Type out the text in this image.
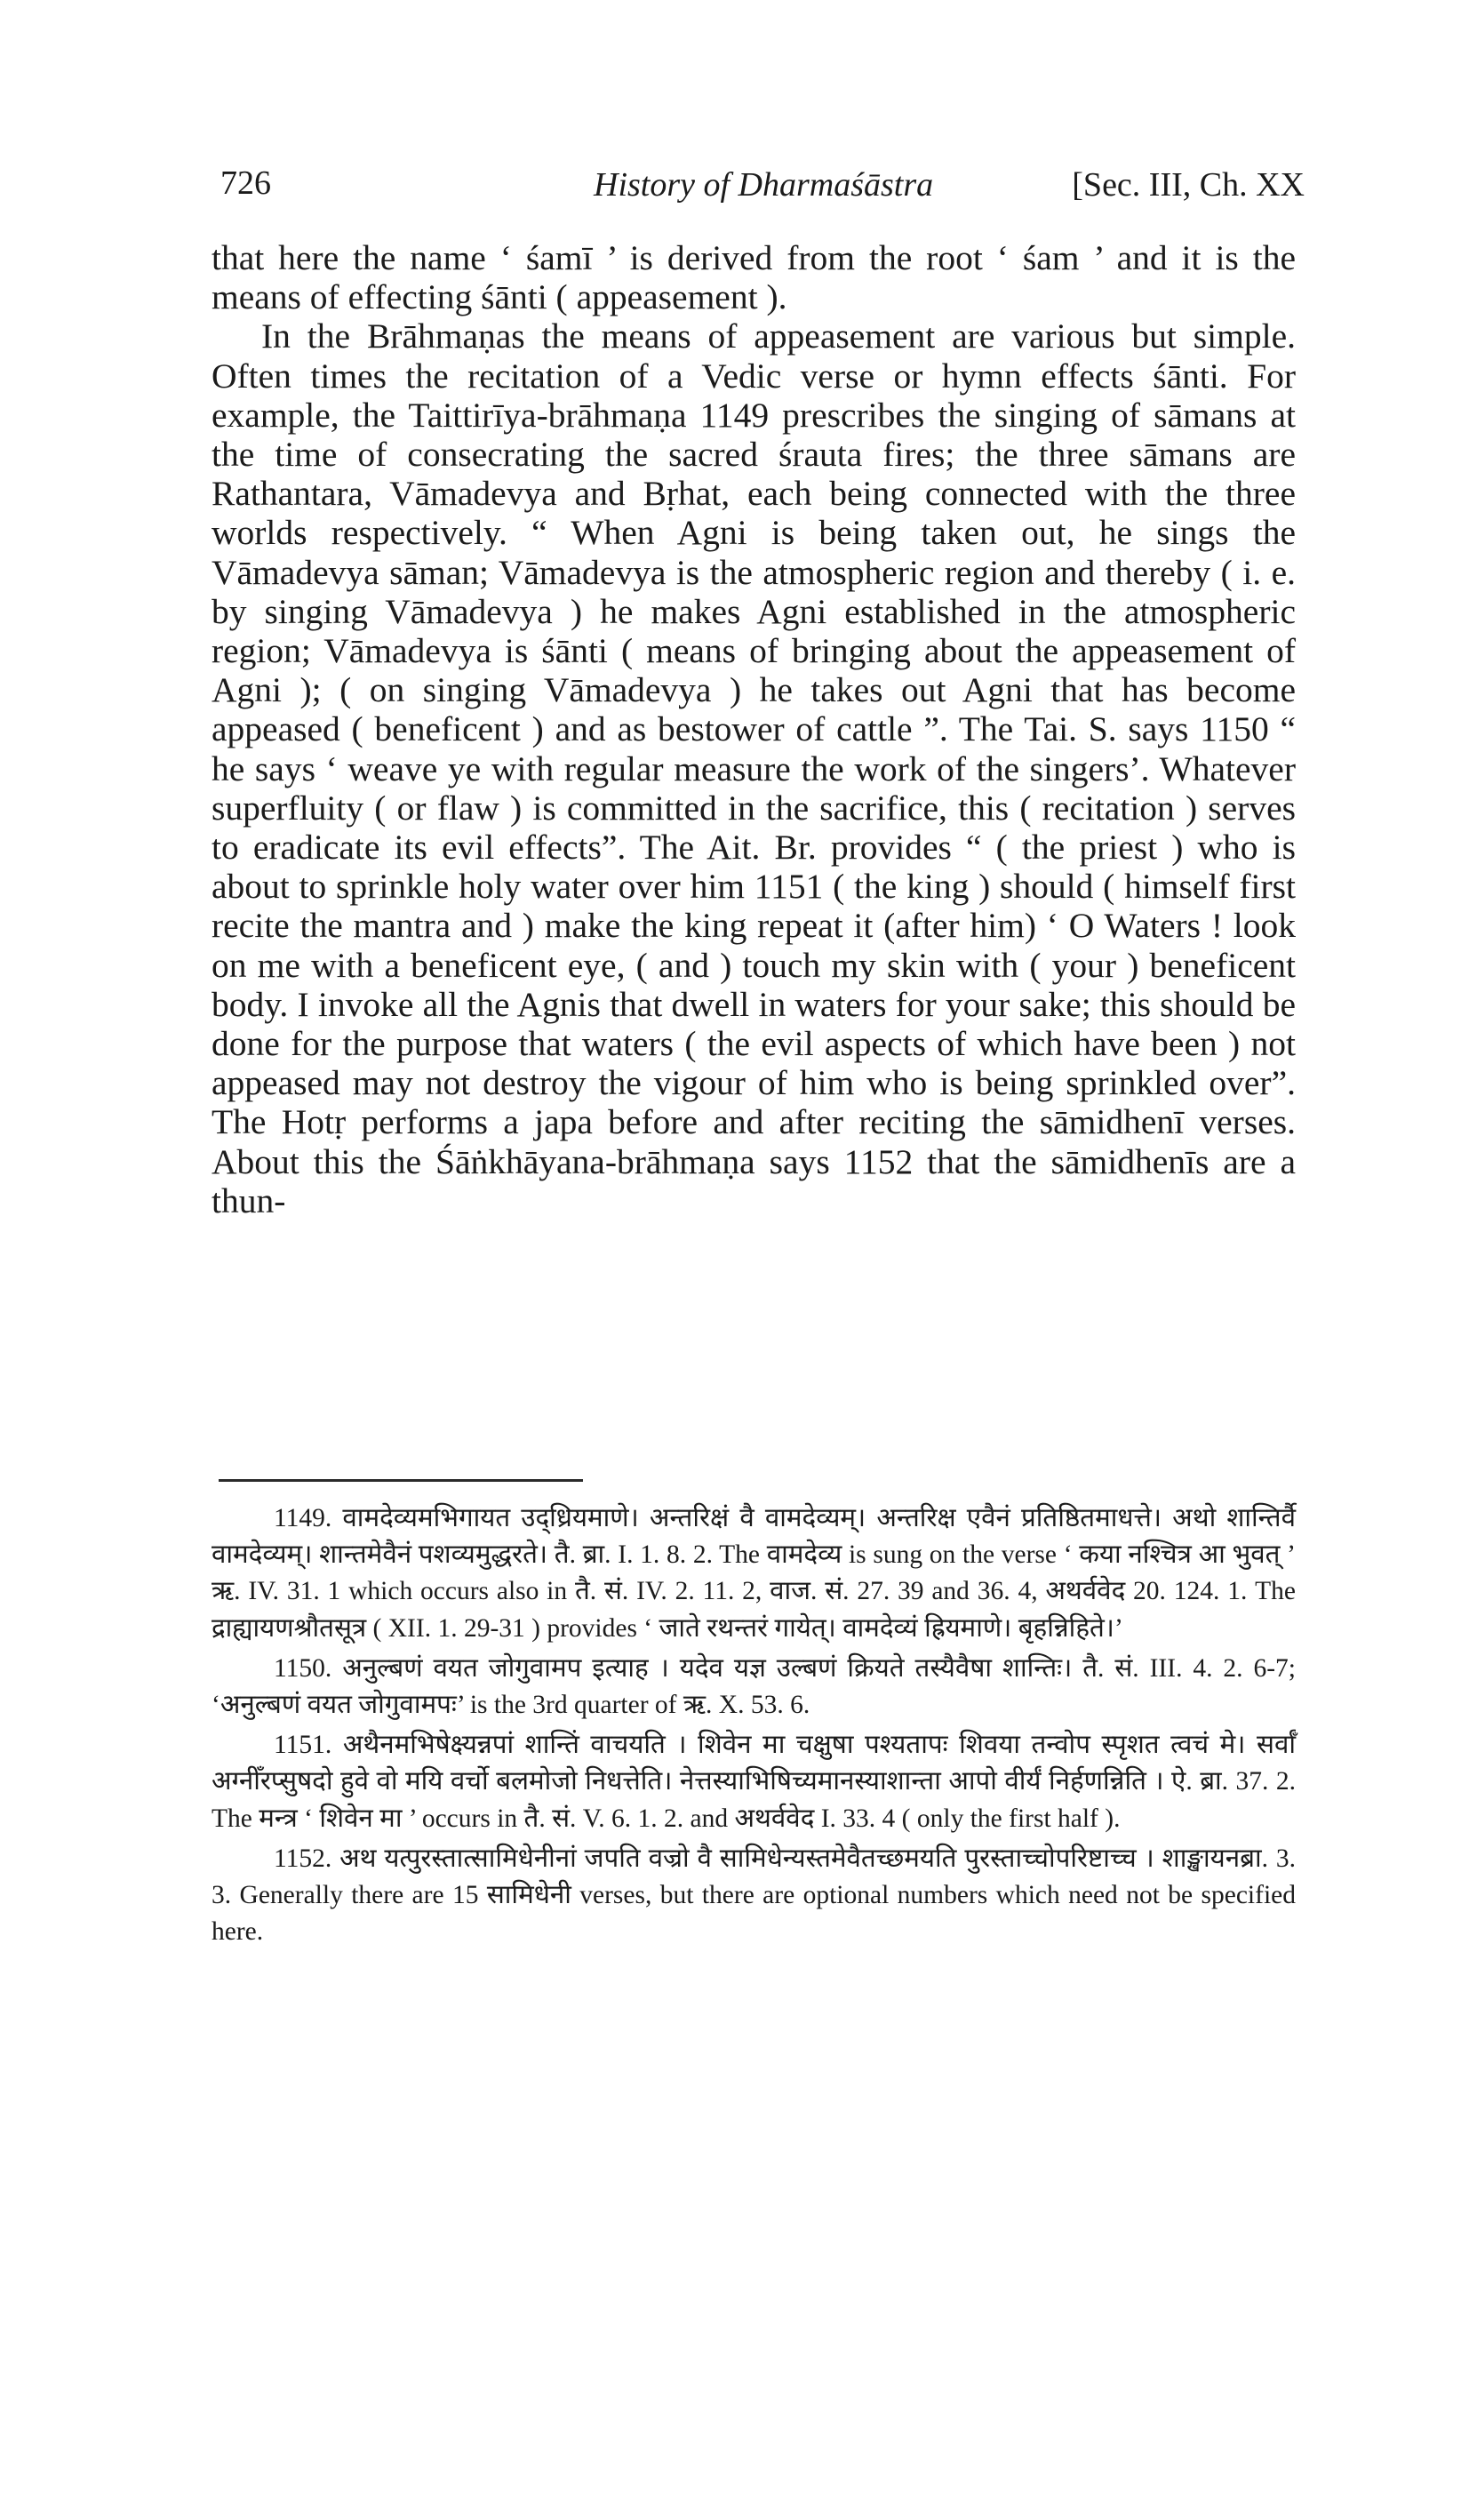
726	History of Dharmaśāstra	[Sec. III, Ch. XX

that here the name ‘ śamī ’ is derived from the root ‘ śam ’ and it is the means of effecting śānti ( appeasement ).

In the Brāhmaṇas the means of appeasement are various but simple. Often times the recitation of a Vedic verse or hymn effects śānti. For example, the Taittirīya-brāhmaṇa 1149 prescribes the singing of sāmans at the time of consecrating the sacred śrauta fires; the three sāmans are Rathantara, Vāmadevya and Bṛhat, each being connected with the three worlds respectively. “ When Agni is being taken out, he sings the Vāmadevya sāman; Vāmadevya is the atmospheric region and thereby ( i. e. by singing Vāmadevya ) he makes Agni established in the atmospheric region; Vāmadevya is śānti ( means of bringing about the appeasement of Agni ); ( on singing Vāmadevya ) he takes out Agni that has become appeased ( beneficent ) and as bestower of cattle ”. The Tai. S. says 1150 “ he says ‘ weave ye with regular measure the work of the singers’. Whatever superfluity ( or flaw ) is committed in the sacrifice, this ( recitation ) serves to eradicate its evil effects”. The Ait. Br. provides “ ( the priest ) who is about to sprinkle holy water over him 1151 ( the king ) should ( himself first recite the mantra and ) make the king repeat it (after him) ‘ O Waters ! look on me with a beneficent eye, ( and ) touch my skin with ( your ) beneficent body. I invoke all the Agnis that dwell in waters for your sake; this should be done for the purpose that waters ( the evil aspects of which have been ) not appeased may not destroy the vigour of him who is being sprinkled over”. The Hotṛ performs a japa before and after reciting the sāmidhenī verses. About this the Śāṅkhāyana-brāhmaṇa says 1152 that the sāmidhenīs are a thun-

1149. वामदेव्यमभिगायत उद्ध्रियमाणे। अन्तरिक्षं वै वामदेव्यम्। अन्तरिक्ष एवैनं प्रतिष्ठितमाधत्ते। अथो शान्तिर्वै वामदेव्यम्। शान्तमेवैनं पशव्यमुद्धरते। तै. ब्रा. I. 1. 8. 2. The वामदेव्य is sung on the verse ‘ कया नश्चित्र आ भुवत् ’ ऋ. IV. 31. 1 which occurs also in तै. सं. IV. 2. 11. 2, वाज. सं. 27. 39 and 36. 4, अथर्ववेद 20. 124. 1. The द्राह्यायणश्रौतसूत्र ( XII. 1. 29-31 ) provides ‘ जाते रथन्तरं गायेत्। वामदेव्यं ह्रियमाणे। बृहन्निहिते।’

1150. अनुल्बणं वयत जोगुवामप इत्याह । यदेव यज्ञ उल्बणं क्रियते तस्यैवैषा शान्तिः। तै. सं. III. 4. 2. 6-7; ‘अनुल्बणं वयत जोगुवामपः’ is the 3rd quarter of ऋ. X. 53. 6.

1151. अथैनमभिषेक्ष्यन्नपां शान्तिं वाचयति । शिवेन मा चक्षुषा पश्यतापः शिवया तन्वोप स्पृशत त्वचं मे। सर्वाँ अग्नीँरप्सुषदो हुवे वो मयि वर्चो बलमोजो निधत्तेति। नेत्तस्याभिषिच्यमानस्याशान्ता आपो वीर्यं निर्हणन्निति । ऐ. ब्रा. 37. 2. The मन्त्र ‘ शिवेन मा ’ occurs in तै. सं. V. 6. 1. 2. and अथर्ववेद I. 33. 4 ( only the first half ).

1152. अथ यत्पुरस्तात्सामिधेनीनां जपति वज्रो वै सामिधेन्यस्तमेवैतच्छमयति पुरस्ताच्चोपरिष्टाच्च । शाङ्खायनब्रा. 3. 3. Generally there are 15 सामिधेनी verses, but there are optional numbers which need not be specified here.
